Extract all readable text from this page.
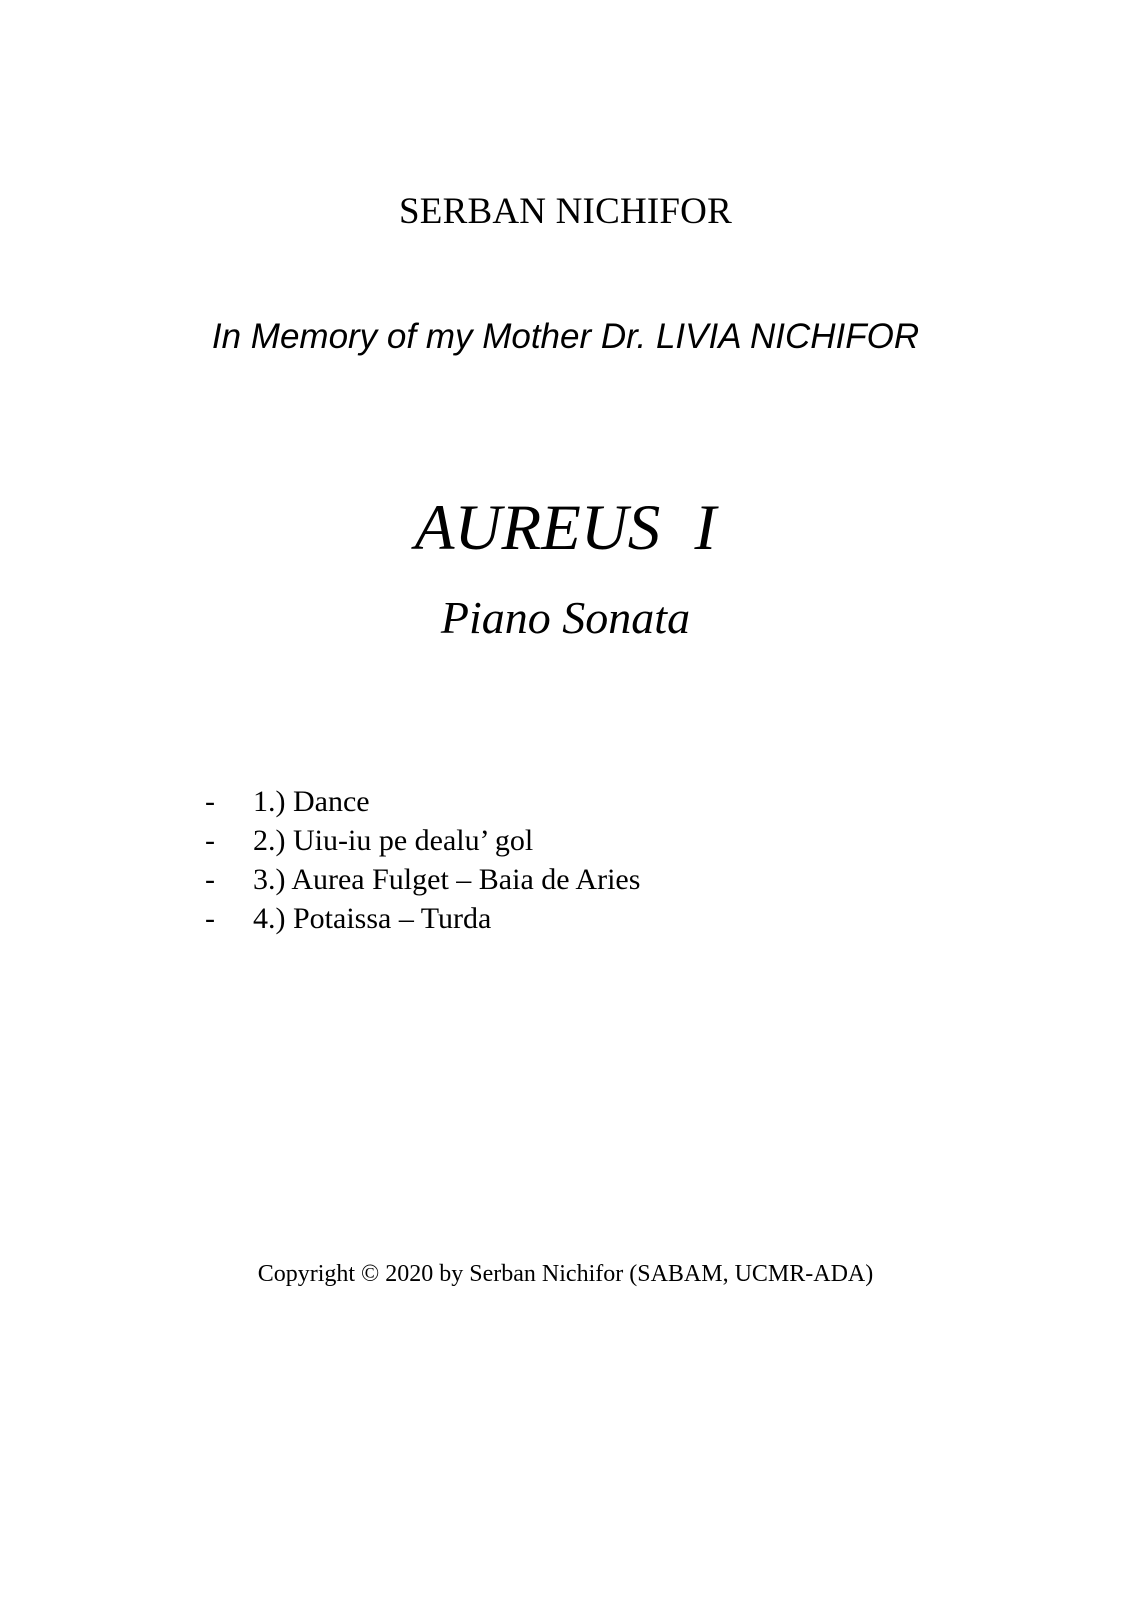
SERBAN NICHIFOR
In Memory of my Mother Dr. LIVIA NICHIFOR
AUREUS I
Piano Sonata
- 1.) Dance
- 2.) Uiu-iu pe dealu’ gol
- 3.) Aurea Fulget – Baia de Aries
- 4.) Potaissa – Turda
Copyright © 2020 by Serban Nichifor (SABAM, UCMR-ADA)
